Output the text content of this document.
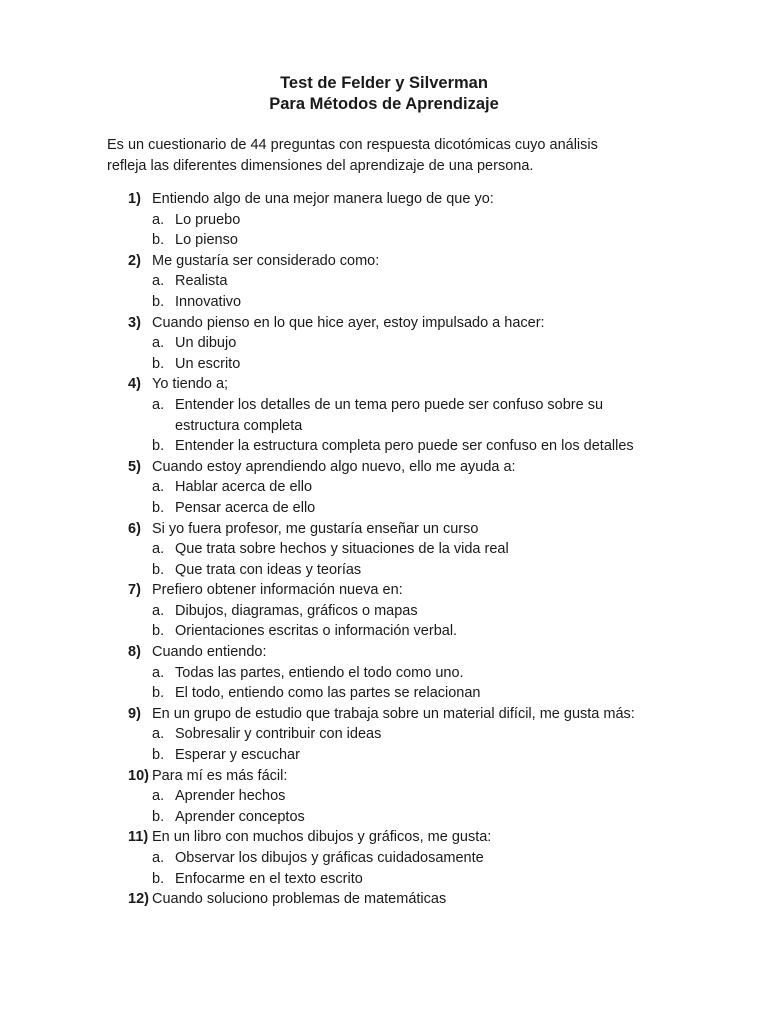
Test de Felder y Silverman
Para Métodos de Aprendizaje
Es un cuestionario de 44 preguntas con respuesta dicotómicas cuyo análisis
refleja las diferentes dimensiones del aprendizaje de una persona.
1) Entiendo algo de una mejor manera luego de que yo:
a. Lo pruebo
b. Lo pienso
2) Me gustaría ser considerado como:
a. Realista
b. Innovativo
3) Cuando pienso en lo que hice ayer, estoy impulsado a hacer:
a. Un dibujo
b. Un escrito
4) Yo tiendo a;
a. Entender los detalles de un tema pero puede ser confuso sobre su
estructura completa
b. Entender la estructura completa pero puede ser confuso en los detalles
5) Cuando estoy aprendiendo algo nuevo, ello me ayuda a:
a. Hablar acerca de ello
b. Pensar acerca de ello
6) Si yo fuera profesor, me gustaría enseñar un curso
a. Que trata sobre hechos y situaciones de la vida real
b. Que trata con ideas y teorías
7) Prefiero obtener información nueva en:
a. Dibujos, diagramas, gráficos o mapas
b. Orientaciones escritas o información verbal.
8) Cuando entiendo:
a. Todas las partes, entiendo el todo como uno.
b. El todo, entiendo como las partes se relacionan
9) En un grupo de estudio que trabaja sobre un material difícil, me gusta más:
a. Sobresalir y contribuir con ideas
b. Esperar y escuchar
10) Para mí es más fácil:
a. Aprender hechos
b. Aprender conceptos
11) En un libro con muchos dibujos y gráficos, me gusta:
a. Observar los dibujos y gráficas cuidadosamente
b. Enfocarme en el texto escrito
12) Cuando soluciono problemas de matemáticas
